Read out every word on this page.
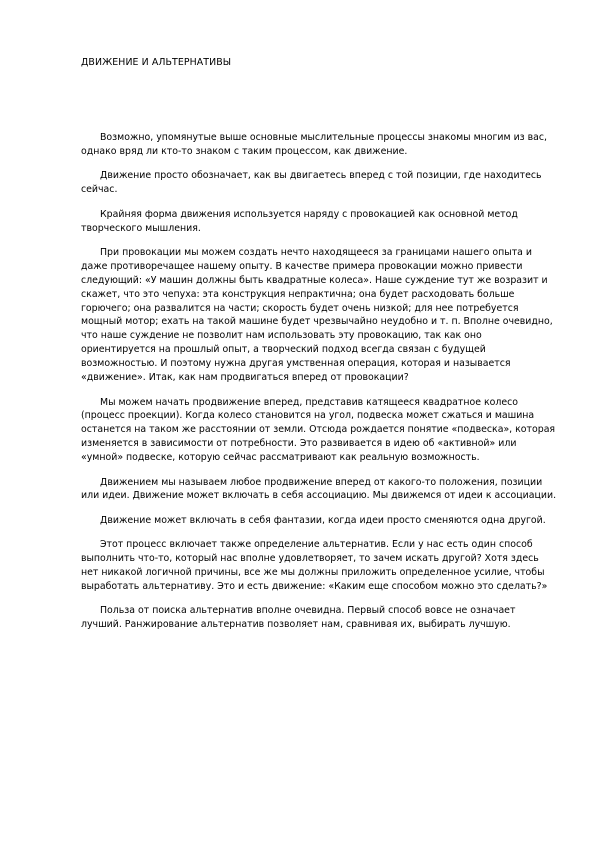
ДВИЖЕНИЕ И АЛЬТЕРНАТИВЫ

Возможно, упомянутые выше основные мыслительные процессы знакомы многим из вас, однако вряд ли кто-то знаком с таким процессом, как движение.

Движение просто обозначает, как вы двигаетесь вперед с той позиции, где находитесь сейчас.

Крайняя форма движения используется наряду с провокацией как основной метод творческого мышления.

При провокации мы можем создать нечто находящееся за границами нашего опыта и даже противоречащее нашему опыту. В качестве примера провокации можно привести следующий: «У машин должны быть квадратные колеса». Наше суждение тут же возразит и скажет, что это чепуха: эта конструкция непрактична; она будет расходовать больше горючего; она развалится на части; скорость будет очень низкой; для нее потребуется мощный мотор; ехать на такой машине будет чрезвычайно неудобно и т. п. Вполне очевидно, что наше суждение не позволит нам использовать эту провокацию, так как оно ориентируется на прошлый опыт, а творческий подход всегда связан с будущей возможностью. И поэтому нужна другая умственная операция, которая и называется «движение». Итак, как нам продвигаться вперед от провокации?

Мы можем начать продвижение вперед, представив катящееся квадратное колесо (процесс проекции). Когда колесо становится на угол, подвеска может сжаться и машина останется на таком же расстоянии от земли. Отсюда рождается понятие «подвеска», которая изменяется в зависимости от потребности. Это развивается в идею об «активной» или «умной» подвеске, которую сейчас рассматривают как реальную возможность.

Движением мы называем любое продвижение вперед от какого-то положения, позиции или идеи. Движение может включать в себя ассоциацию. Мы движемся от идеи к ассоциации.

Движение может включать в себя фантазии, когда идеи просто сменяются одна другой.

Этот процесс включает также определение альтернатив. Если у нас есть один способ выполнить что-то, который нас вполне удовлетворяет, то зачем искать другой? Хотя здесь нет никакой логичной причины, все же мы должны приложить определенное усилие, чтобы выработать альтернативу. Это и есть движение: «Каким еще способом можно это сделать?»

Польза от поиска альтернатив вполне очевидна. Первый способ вовсе не означает лучший. Ранжирование альтернатив позволяет нам, сравнивая их, выбирать лучшую.
